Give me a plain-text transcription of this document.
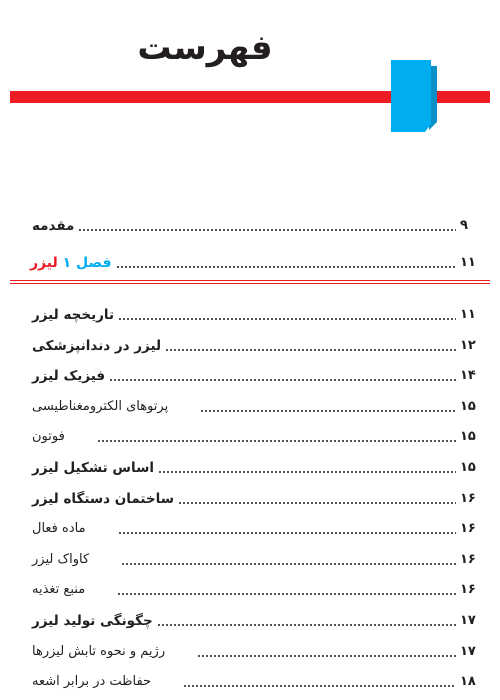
فهرست
مقدمه	۹
فصل ۱ لیزر	۱۱
تاریخچه لیزر	۱۱
لیزر در دندانپزشکی	۱۲
فیزیک لیزر	۱۴
پرتوهای الکترومغناطیسی	۱۵
فوتون	۱۵
اساس تشکیل لیزر	۱۵
ساختمان دستگاه لیزر	۱۶
ماده فعال	۱۶
کاواک لیزر	۱۶
منبع تغذیه	۱۶
چگونگی تولید لیزر	۱۷
رژیم و نحوه تابش لیزرها	۱۷
حفاظت در برابر اشعه	۱۸
